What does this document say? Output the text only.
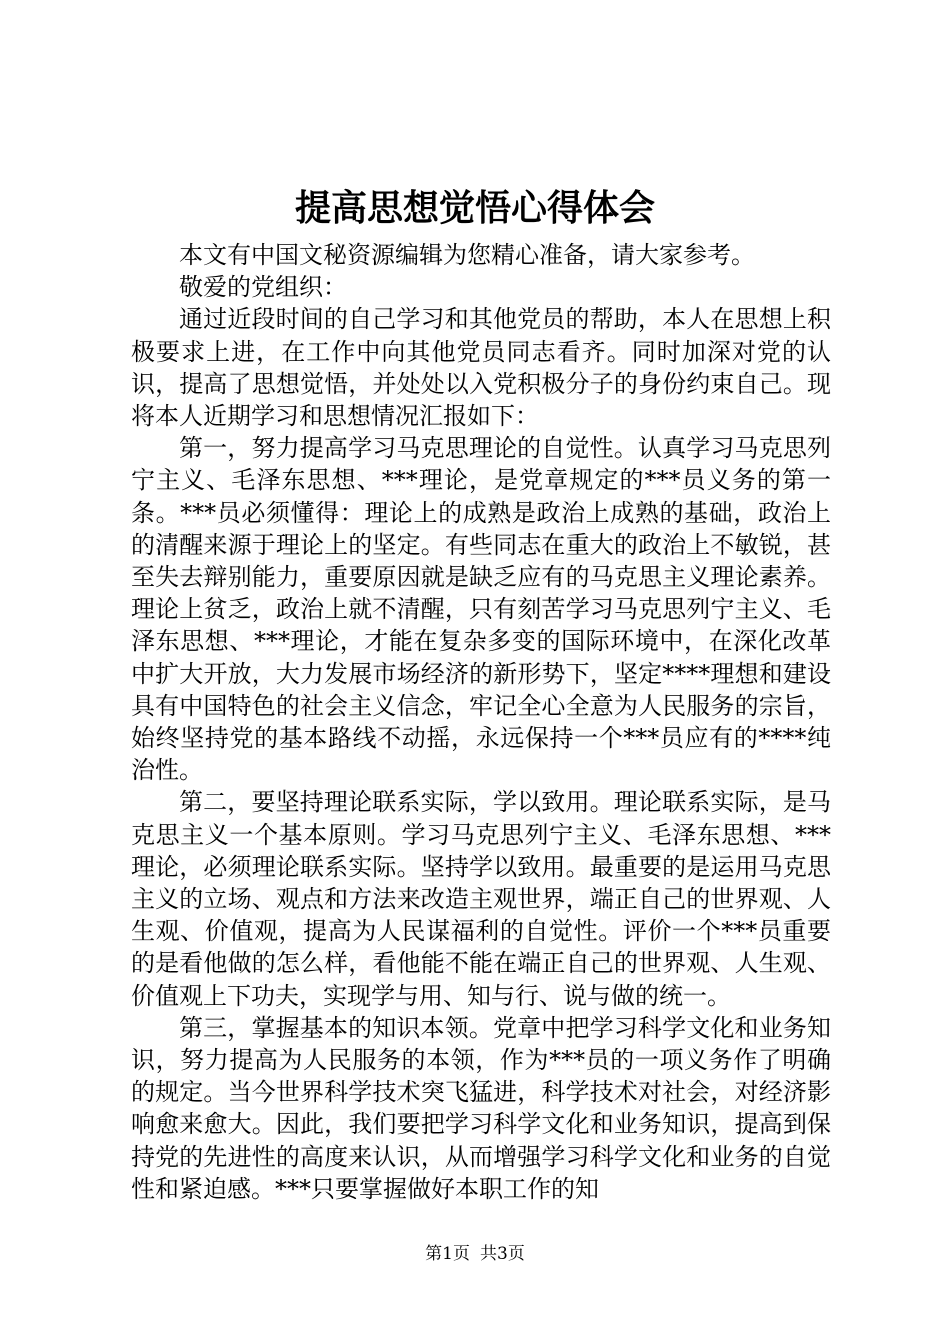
提高思想觉悟心得体会

本文有中国文秘资源编辑为您精心准备，请大家参考。

敬爱的党组织：

通过近段时间的自己学习和其他党员的帮助，本人在思想上积极要求上进，在工作中向其他党员同志看齐。同时加深对党的认识，提高了思想觉悟，并处处以入党积极分子的身份约束自己。现将本人近期学习和思想情况汇报如下：

第一，努力提高学习马克思理论的自觉性。认真学习马克思列宁主义、毛泽东思想、***理论，是党章规定的***员义务的第一条。***员必须懂得：理论上的成熟是政治上成熟的基础，政治上的清醒来源于理论上的坚定。有些同志在重大的政治上不敏锐，甚至失去辩别能力，重要原因就是缺乏应有的马克思主义理论素养。理论上贫乏，政治上就不清醒，只有刻苦学习马克思列宁主义、毛泽东思想、***理论，才能在复杂多变的国际环境中，在深化改革中扩大开放，大力发展市场经济的新形势下，坚定****理想和建设具有中国特色的社会主义信念，牢记全心全意为人民服务的宗旨，始终坚持党的基本路线不动摇，永远保持一个***员应有的****纯治性。

第二，要坚持理论联系实际，学以致用。理论联系实际，是马克思主义一个基本原则。学习马克思列宁主义、毛泽东思想、***理论，必须理论联系实际。坚持学以致用。最重要的是运用马克思主义的立场、观点和方法来改造主观世界，端正自己的世界观、人生观、价值观，提高为人民谋福利的自觉性。评价一个***员重要的是看他做的怎么样，看他能不能在端正自己的世界观、人生观、价值观上下功夫，实现学与用、知与行、说与做的统一。

第三，掌握基本的知识本领。党章中把学习科学文化和业务知识，努力提高为人民服务的本领，作为***员的一项义务作了明确的规定。当今世界科学技术突飞猛进，科学技术对社会，对经济影响愈来愈大。因此，我们要把学习科学文化和业务知识，提高到保持党的先进性的高度来认识，从而增强学习科学文化和业务的自觉性和紧迫感。***只要掌握做好本职工作的知

第1页 共3页
